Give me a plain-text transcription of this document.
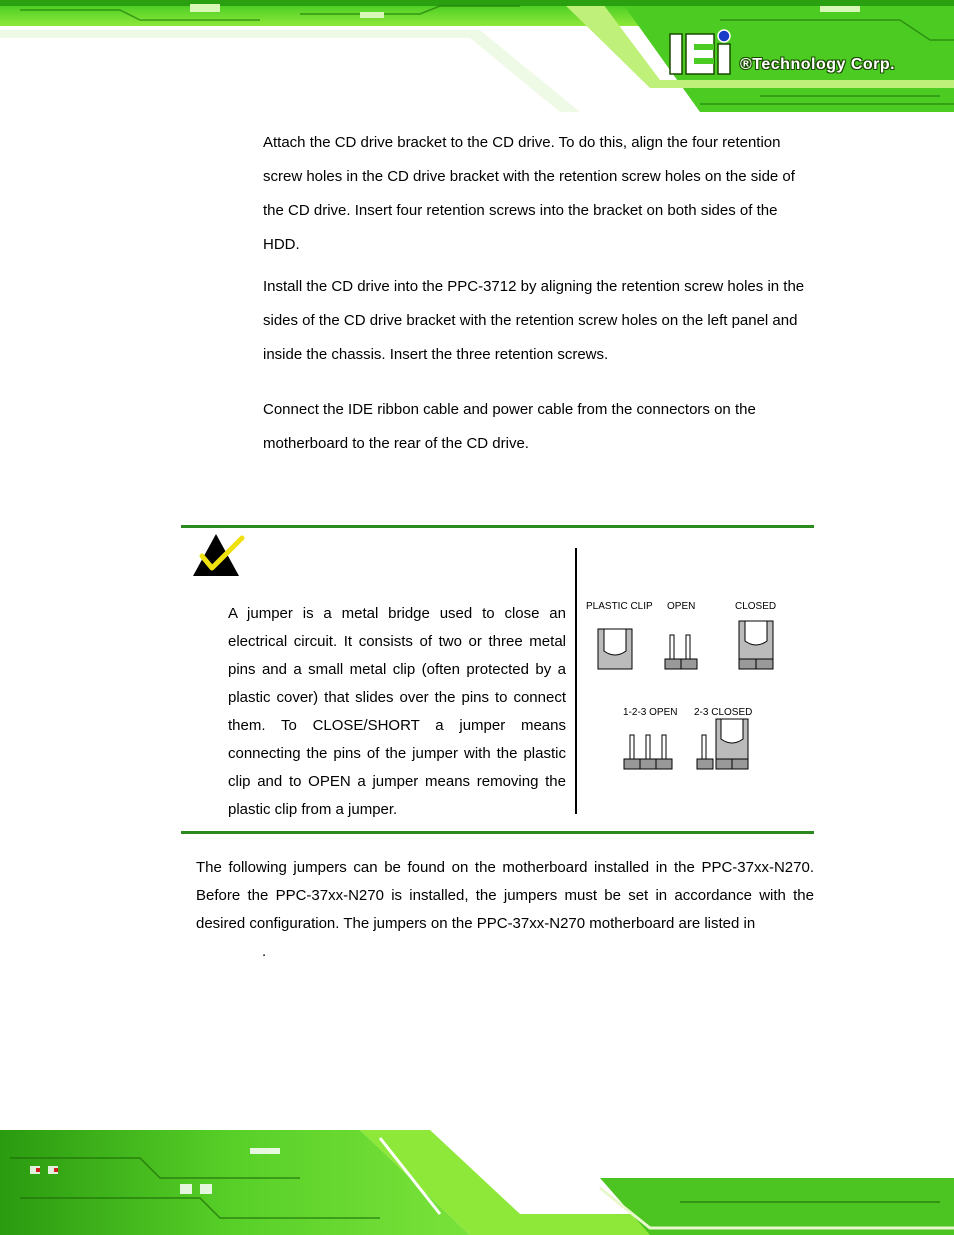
®Technology Corp.

Attach the CD drive bracket to the CD drive. To do this, align the four retention screw holes in the CD drive bracket with the retention screw holes on the side of the CD drive. Insert four retention screws into the bracket on both sides of the HDD.

Install the CD drive into the PPC-3712 by aligning the retention screw holes in the sides of the CD drive bracket with the retention screw holes on the left panel and inside the chassis. Insert the three retention screws.

Connect the IDE ribbon cable and power cable from the connectors on the motherboard to the rear of the CD drive.

A jumper is a metal bridge used to close an electrical circuit. It consists of two or three metal pins and a small metal clip (often protected by a plastic cover) that slides over the pins to connect them. To CLOSE/SHORT a jumper means connecting the pins of the jumper with the plastic clip and to OPEN a jumper means removing the plastic clip from a jumper.

PLASTIC CLIP OPEN	CLOSED
1-2-3 OPEN 2-3 CLOSED

The following jumpers can be found on the motherboard installed in the PPC-37xx-N270. Before the PPC-37xx-N270 is installed, the jumpers must be set in accordance with the desired configuration. The jumpers on the PPC-37xx-N270 motherboard are listed in
.
